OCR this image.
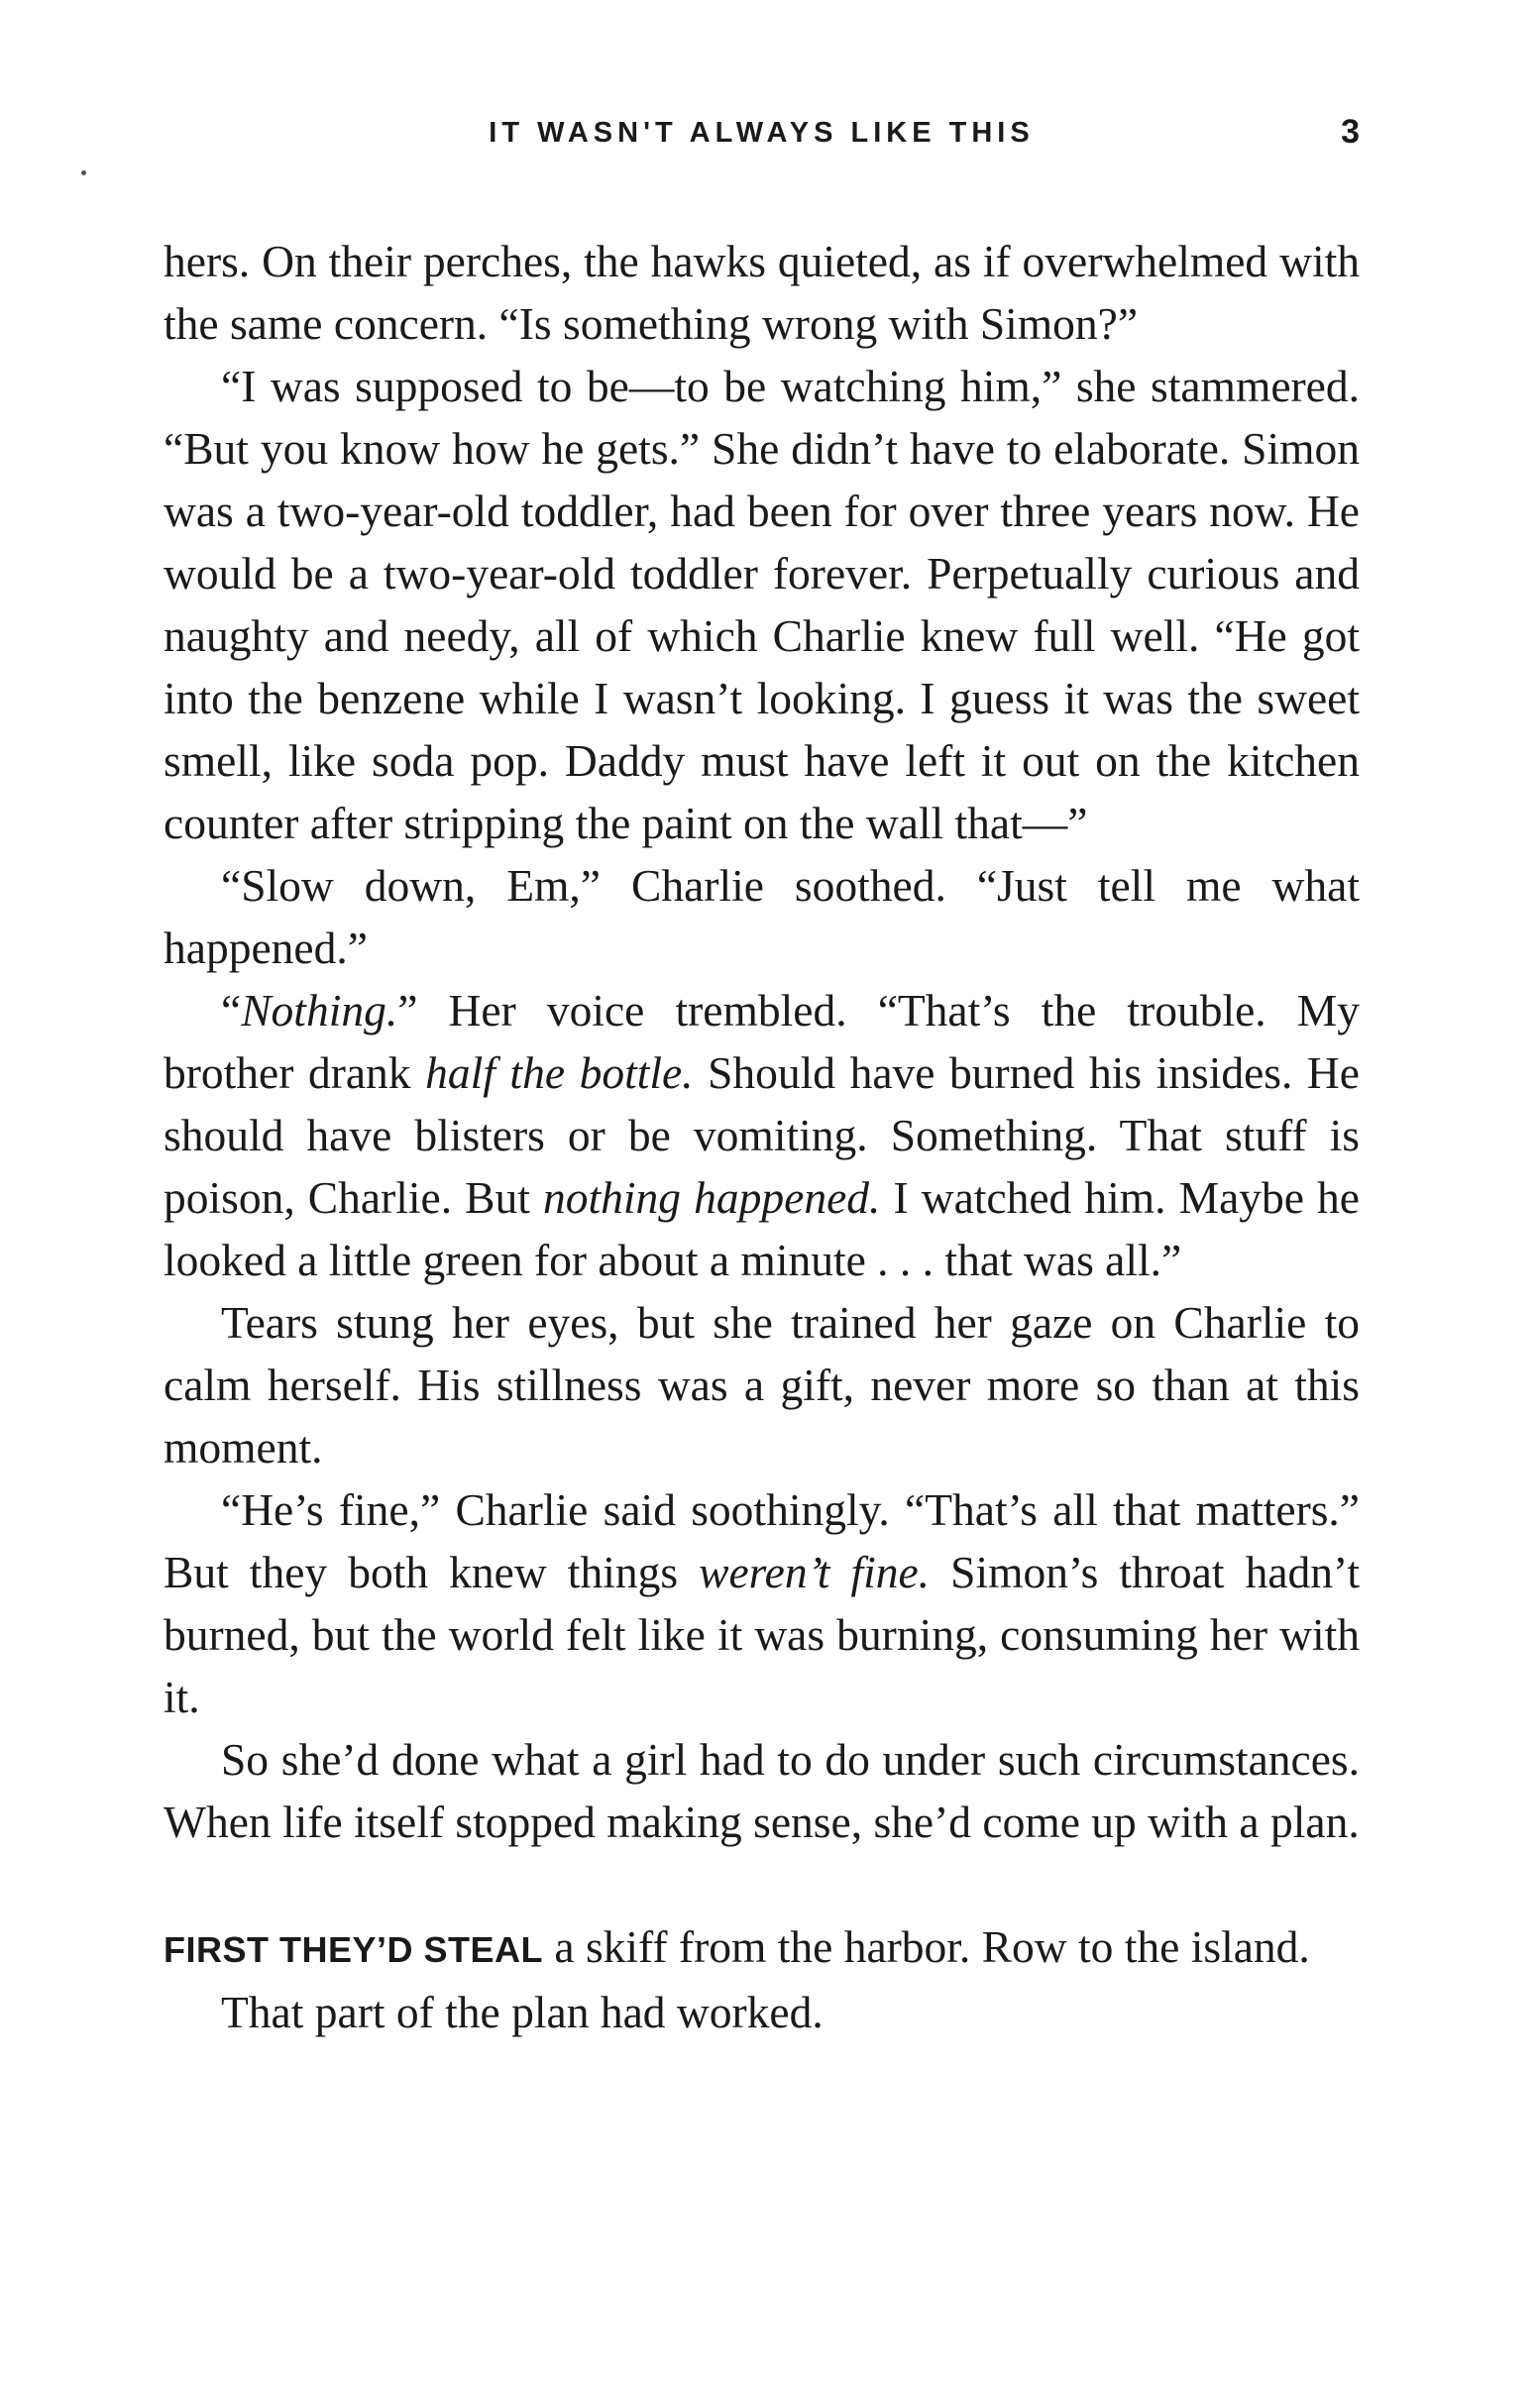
IT WASN'T ALWAYS LIKE THIS	3

hers. On their perches, the hawks quieted, as if overwhelmed with the same concern. “Is something wrong with Simon?”

“I was supposed to be—to be watching him,” she stammered. “But you know how he gets.” She didn’t have to elaborate. Simon was a two-year-old toddler, had been for over three years now. He would be a two-year-old toddler forever. Perpetually curious and naughty and needy, all of which Charlie knew full well. “He got into the benzene while I wasn’t looking. I guess it was the sweet smell, like soda pop. Daddy must have left it out on the kitchen counter after stripping the paint on the wall that—”

“Slow down, Em,” Charlie soothed. “Just tell me what happened.”

“Nothing.” Her voice trembled. “That’s the trouble. My brother drank half the bottle. Should have burned his insides. He should have blisters or be vomiting. Something. That stuff is poison, Charlie. But nothing happened. I watched him. Maybe he looked a little green for about a minute . . . that was all.”

Tears stung her eyes, but she trained her gaze on Charlie to calm herself. His stillness was a gift, never more so than at this moment.

“He’s fine,” Charlie said soothingly. “That’s all that matters.” But they both knew things weren’t fine. Simon’s throat hadn’t burned, but the world felt like it was burning, consuming her with it.

So she’d done what a girl had to do under such circumstances. When life itself stopped making sense, she’d come up with a plan.

FIRST THEY’D STEAL a skiff from the harbor. Row to the island.

That part of the plan had worked.
